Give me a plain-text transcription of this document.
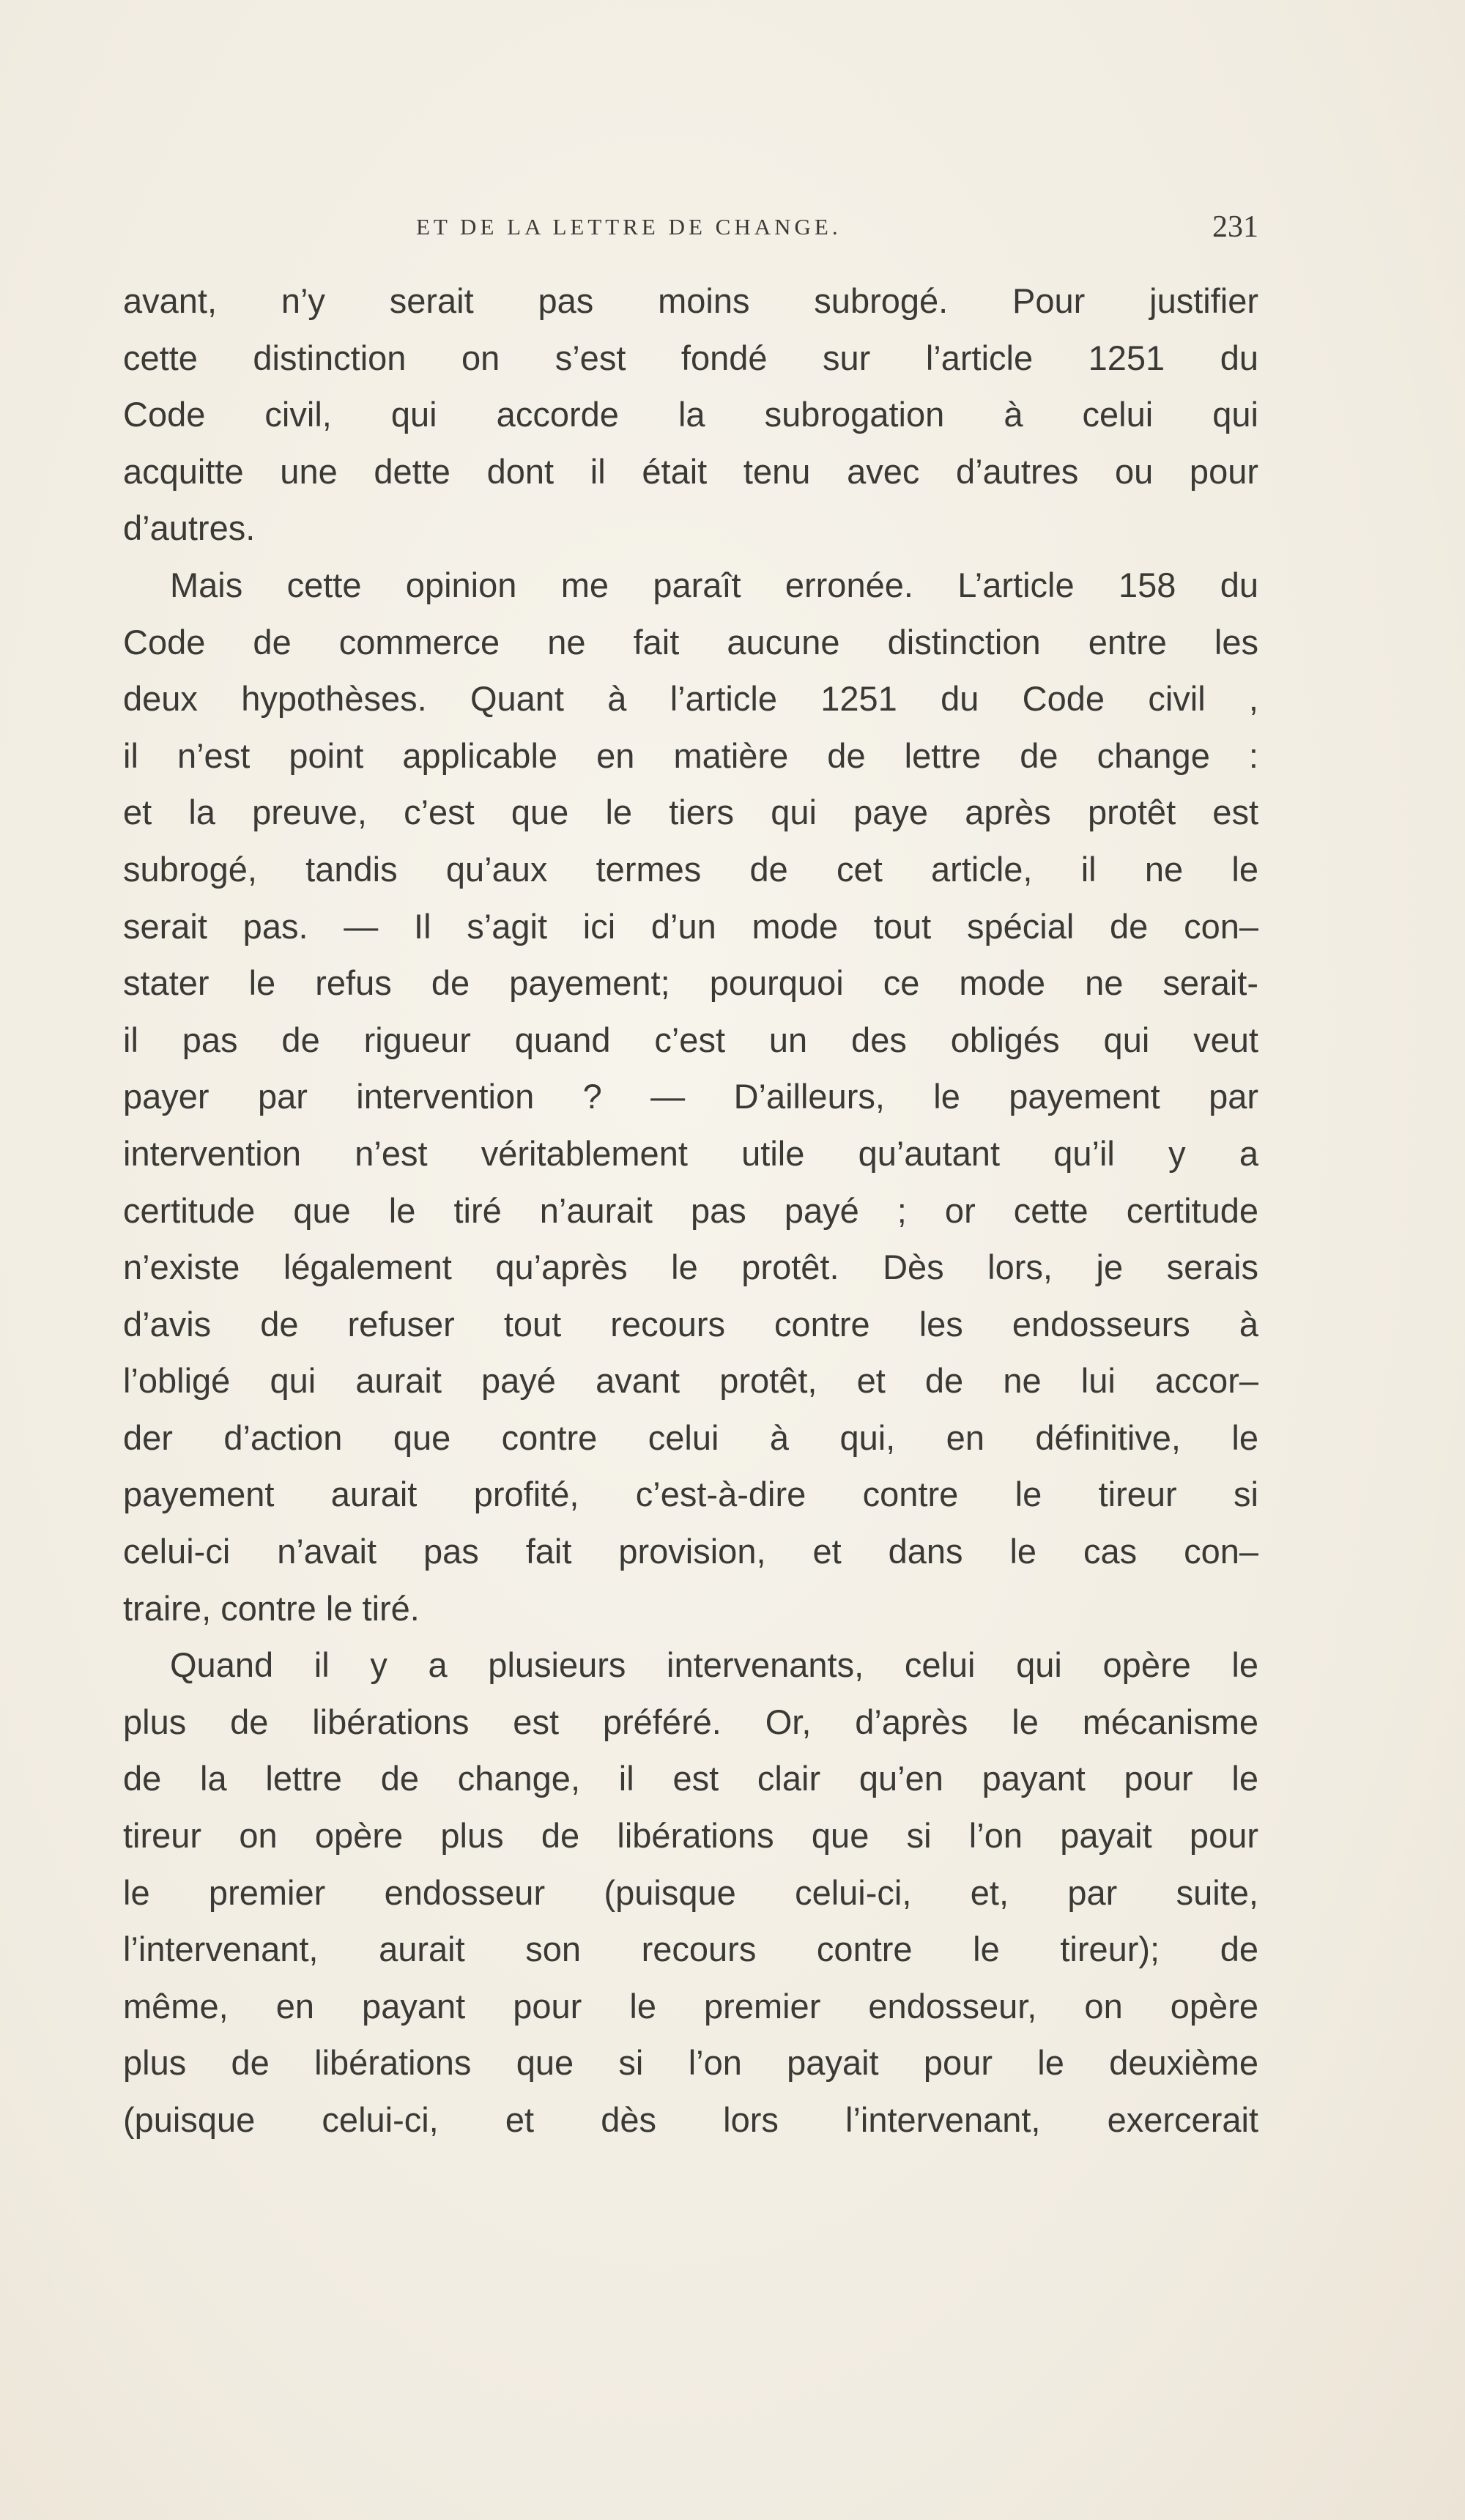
ET DE LA LETTRE DE CHANGE.	231
avant, n’y serait pas moins subrogé. Pour justifier
cette distinction on s’est fondé sur l’article 1251 du
Code civil, qui accorde la subrogation à celui qui
acquitte une dette dont il était tenu avec d’autres ou pour
d’autres.
Mais cette opinion me paraît erronée. L’article 158 du
Code de commerce ne fait aucune distinction entre les
deux hypothèses. Quant à l’article 1251 du Code civil ,
il n’est point applicable en matière de lettre de change :
et la preuve, c’est que le tiers qui paye après protêt est
subrogé, tandis qu’aux termes de cet article, il ne le
serait pas. — Il s’agit ici d’un mode tout spécial de con–
stater le refus de payement; pourquoi ce mode ne serait-
il pas de rigueur quand c’est un des obligés qui veut
payer par intervention ? — D’ailleurs, le payement par
intervention n’est véritablement utile qu’autant qu’il y a
certitude que le tiré n’aurait pas payé ; or cette certitude
n’existe légalement qu’après le protêt. Dès lors, je serais
d’avis de refuser tout recours contre les endosseurs à
l’obligé qui aurait payé avant protêt, et de ne lui accor–
der d’action que contre celui à qui, en définitive, le
payement aurait profité, c’est-à-dire contre le tireur si
celui-ci n’avait pas fait provision, et dans le cas con–
traire, contre le tiré.
Quand il y a plusieurs intervenants, celui qui opère le
plus de libérations est préféré. Or, d’après le mécanisme
de la lettre de change, il est clair qu’en payant pour le
tireur on opère plus de libérations que si l’on payait pour
le premier endosseur (puisque celui-ci, et, par suite,
l’intervenant, aurait son recours contre le tireur); de
même, en payant pour le premier endosseur, on opère
plus de libérations que si l’on payait pour le deuxième
(puisque celui-ci, et dès lors l’intervenant, exercerait
